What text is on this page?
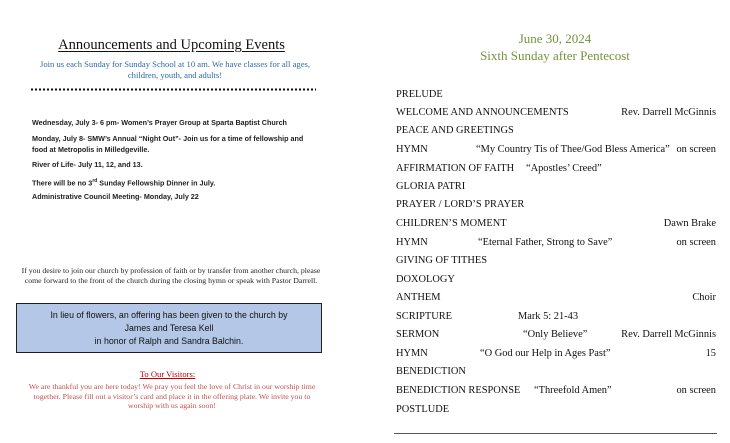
Announcements and Upcoming Events
Join us each Sunday for Sunday School at 10 am. We have classes for all ages, children, youth, and adults!
Wednesday, July 3- 6 pm- Women’s Prayer Group at Sparta Baptist Church
Monday, July 8- SMW’s Annual “Night Out”- Join us for a time of fellowship and food at Metropolis in Milledgeville.
River of Life- July 11, 12, and 13.
There will be no 3rd Sunday Fellowship Dinner in July.
Administrative Council Meeting- Monday, July 22
If you desire to join our church by profession of faith or by transfer from another church, please come forward to the front of the church during the closing hymn or speak with Pastor Darrell.
In lieu of flowers, an offering has been given to the church by
James and Teresa Kell
in honor of Ralph and Sandra Balchin.
To Our Visitors:
We are thankful you are here today! We pray you feel the love of Christ in our worship time together. Please fill out a visitor’s card and place it in the offering plate. We invite you to worship with us again soon!
June 30, 2024
Sixth Sunday after Pentecost
PRELUDE
WELCOME AND ANNOUNCEMENTS	Rev. Darrell McGinnis
PEACE AND GREETINGS
HYMN	“My Country Tis of Thee/God Bless America” on screen
AFFIRMATION OF FAITH “Apostles’ Creed”
GLORIA PATRI
PRAYER / LORD’S PRAYER
CHILDREN’S MOMENT	Dawn Brake
HYMN	“Eternal Father, Strong to Save”	on screen
GIVING OF TITHES
DOXOLOGY
ANTHEM	Choir
SCRIPTURE	Mark 5: 21-43
SERMON	“Only Believe”	Rev. Darrell McGinnis
HYMN	“O God our Help in Ages Past”	15
BENEDICTION
BENEDICTION RESPONSE “Threefold Amen”	on screen
POSTLUDE
